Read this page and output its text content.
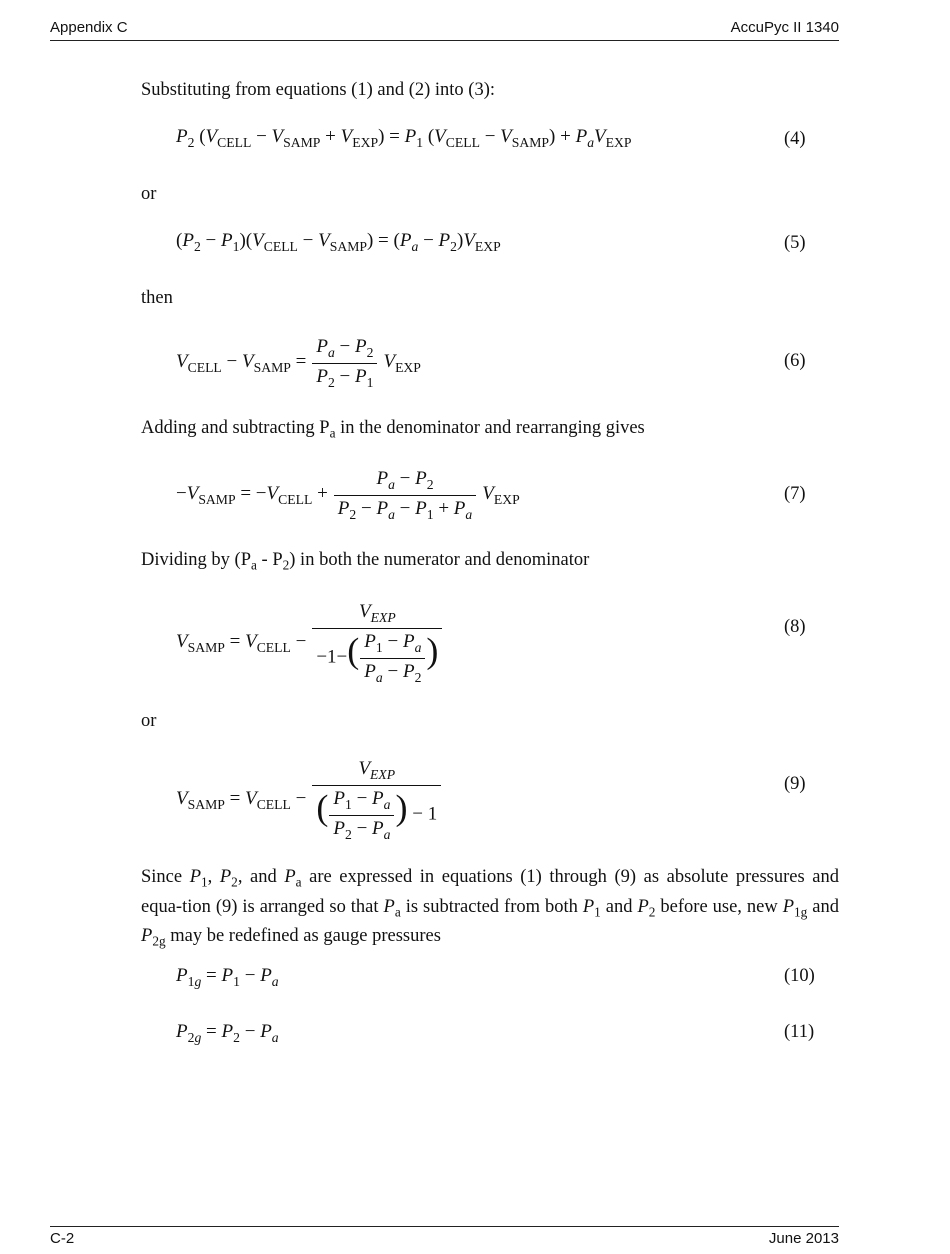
Appendix C	AccuPyc II 1340
Substituting from equations (1) and (2) into (3):
$P_2$ $(V_{CELL} - V_{SAMP} + V_{EXP}) = P_1$ $(V_{CELL} - V_{SAMP}) + P_aV_{EXP}$	(4)
or
$(P_2 - P_1)(V_{CELL} - V_{SAMP}) = (P_a - P_2)V_{EXP}$	(5)
then
$V_{CELL} - V_{SAMP} = \frac{P_a - P_2}{P_2 - P_1} V_{EXP}$	(6)
Adding and subtracting $P_a$ in the denominator and rearranging gives
$-V_{SAMP} = -V_{CELL} + \frac{P_a - P_2}{P_2 - P_a - P_1 + P_a} V_{EXP}$	(7)
Dividing by $(P_a - P_2)$ in both the numerator and denominator
$V_{SAMP} = V_{CELL} - \frac{V_{EXP}}{-1-( \frac{P_1 - P_a}{P_a - P_2} )}$	(8)
or
$V_{SAMP} = V_{CELL} - \frac{V_{EXP}}{( \frac{P_1 - P_a}{P_2 - P_a} ) - 1}$	(9)
Since $P_1$, $P_2$, and $P_a$ are expressed in equations (1) through (9) as absolute pressures and equa-tion (9) is arranged so that $P_a$ is subtracted from both $P_1$ and $P_2$ before use, new $P_{1g}$ and $P_{2g}$ may be redefined as gauge pressures
$P_{1g} = P_1 - P_a$	(10)
$P_{2g} = P_2 - P_a$	(11)
C-2	June 2013
